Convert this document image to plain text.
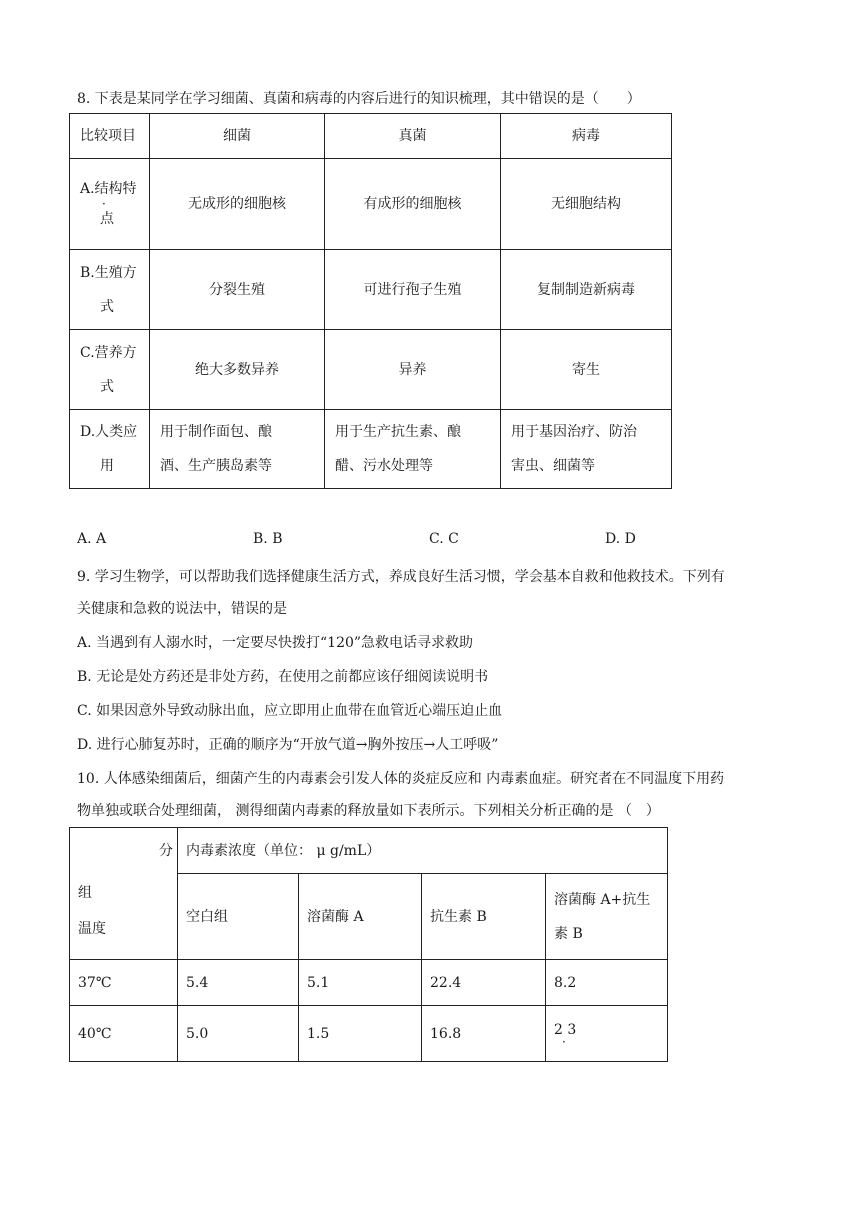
8. 下表是某同学在学习细菌、真菌和病毒的内容后进行的知识梳理，其中错误的是（　　）
比较项目	细菌	真菌	病毒

A.结构特
·
点	无成形的细胞核	有成形的细胞核	无细胞结构

B.生殖方
式	分裂生殖	可进行孢子生殖	复制制造新病毒

C.营养方
式	绝大多数异养	异养	寄生

D.人类应
用	用于制作面包、酿
酒、生产胰岛素等	用于生产抗生素、酿
醋、污水处理等	用于基因治疗、防治
害虫、细菌等
A. A	B. B	C. C	D. D
9. 学习生物学，可以帮助我们选择健康生活方式，养成良好生活习惯，学会基本自救和他救技术。下列有
关健康和急救的说法中，错误的是
A. 当遇到有人溺水时，一定要尽快拨打“120”急救电话寻求救助
B. 无论是处方药还是非处方药，在使用之前都应该仔细阅读说明书
C. 如果因意外导致动脉出血，应立即用止血带在血管近心端压迫止血
D. 进行心肺复苏时，正确的顺序为“开放气道→胸外按压→人工呼吸”
10. 人体感染细菌后，细菌产生的内毒素会引发人体的炎症反应和 内毒素血症。研究者在不同温度下用药
物单独或联合处理细菌， 测得细菌内毒素的释放量如下表所示。下列相关分析正确的是 （　）
分
组
温度	内毒素浓度（单位： μ g/mL）			
	空白组	溶菌酶 A	抗生素 B	溶菌酶 A+抗生
素 B

37℃	5.4	5.1	22.4	8.2
40℃	5.0	1.5	16.8	2 3
·
